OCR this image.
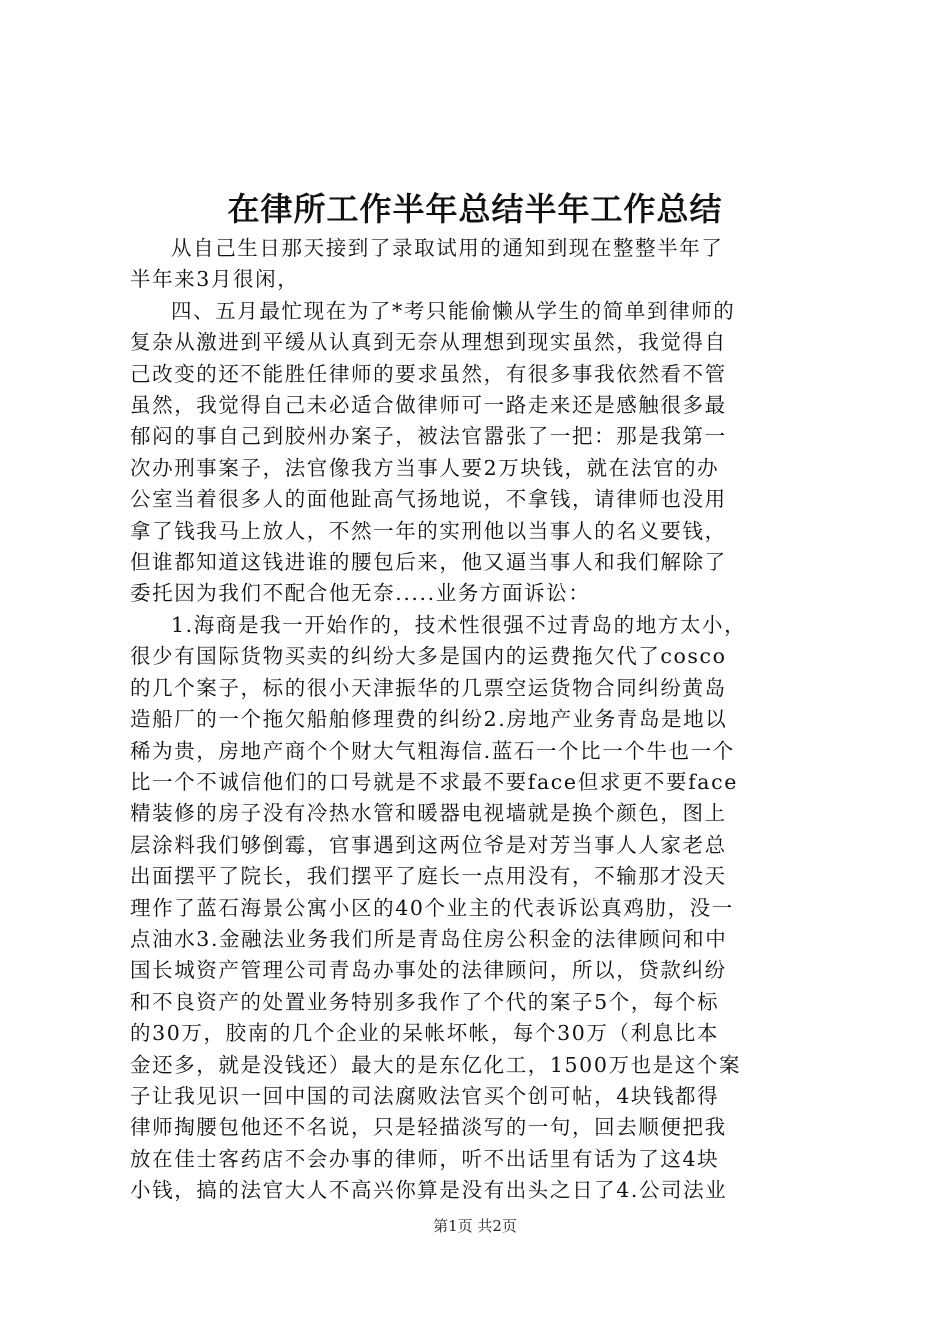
在律所工作半年总结半年工作总结

从自己生日那天接到了录取试用的通知到现在整整半年了
半年来3月很闲，

四、五月最忙现在为了*考只能偷懒从学生的简单到律师的
复杂从激进到平缓从认真到无奈从理想到现实虽然，我觉得自
己改变的还不能胜任律师的要求虽然，有很多事我依然看不管
虽然，我觉得自己未必适合做律师可一路走来还是感触很多最
郁闷的事自己到胶州办案子，被法官嚣张了一把：那是我第一
次办刑事案子，法官像我方当事人要2万块钱，就在法官的办
公室当着很多人的面他趾高气扬地说，不拿钱，请律师也没用
拿了钱我马上放人，不然一年的实刑他以当事人的名义要钱，
但谁都知道这钱进谁的腰包后来，他又逼当事人和我们解除了
委托因为我们不配合他无奈.....业务方面诉讼：

1.海商是我一开始作的，技术性很强不过青岛的地方太小，
很少有国际货物买卖的纠纷大多是国内的运费拖欠代了cosco
的几个案子，标的很小天津振华的几票空运货物合同纠纷黄岛
造船厂的一个拖欠船舶修理费的纠纷2.房地产业务青岛是地以
稀为贵，房地产商个个财大气粗海信.蓝石一个比一个牛也一个
比一个不诚信他们的口号就是不求最不要face但求更不要face
精装修的房子没有冷热水管和暖器电视墙就是换个颜色，图上
层涂料我们够倒霉，官事遇到这两位爷是对芳当事人人家老总
出面摆平了院长，我们摆平了庭长一点用没有，不输那才没天
理作了蓝石海景公寓小区的40个业主的代表诉讼真鸡肋，没一
点油水3.金融法业务我们所是青岛住房公积金的法律顾问和中
国长城资产管理公司青岛办事处的法律顾问，所以，贷款纠纷
和不良资产的处置业务特别多我作了个代的案子5个，每个标
的30万，胶南的几个企业的呆帐坏帐，每个30万（利息比本
金还多，就是没钱还）最大的是东亿化工，1500万也是这个案
子让我见识一回中国的司法腐败法官买个创可帖，4块钱都得
律师掏腰包他还不名说，只是轻描淡写的一句，回去顺便把我
放在佳士客药店不会办事的律师，听不出话里有话为了这4块
小钱，搞的法官大人不高兴你算是没有出头之日了4.公司法业

第1页 共2页
